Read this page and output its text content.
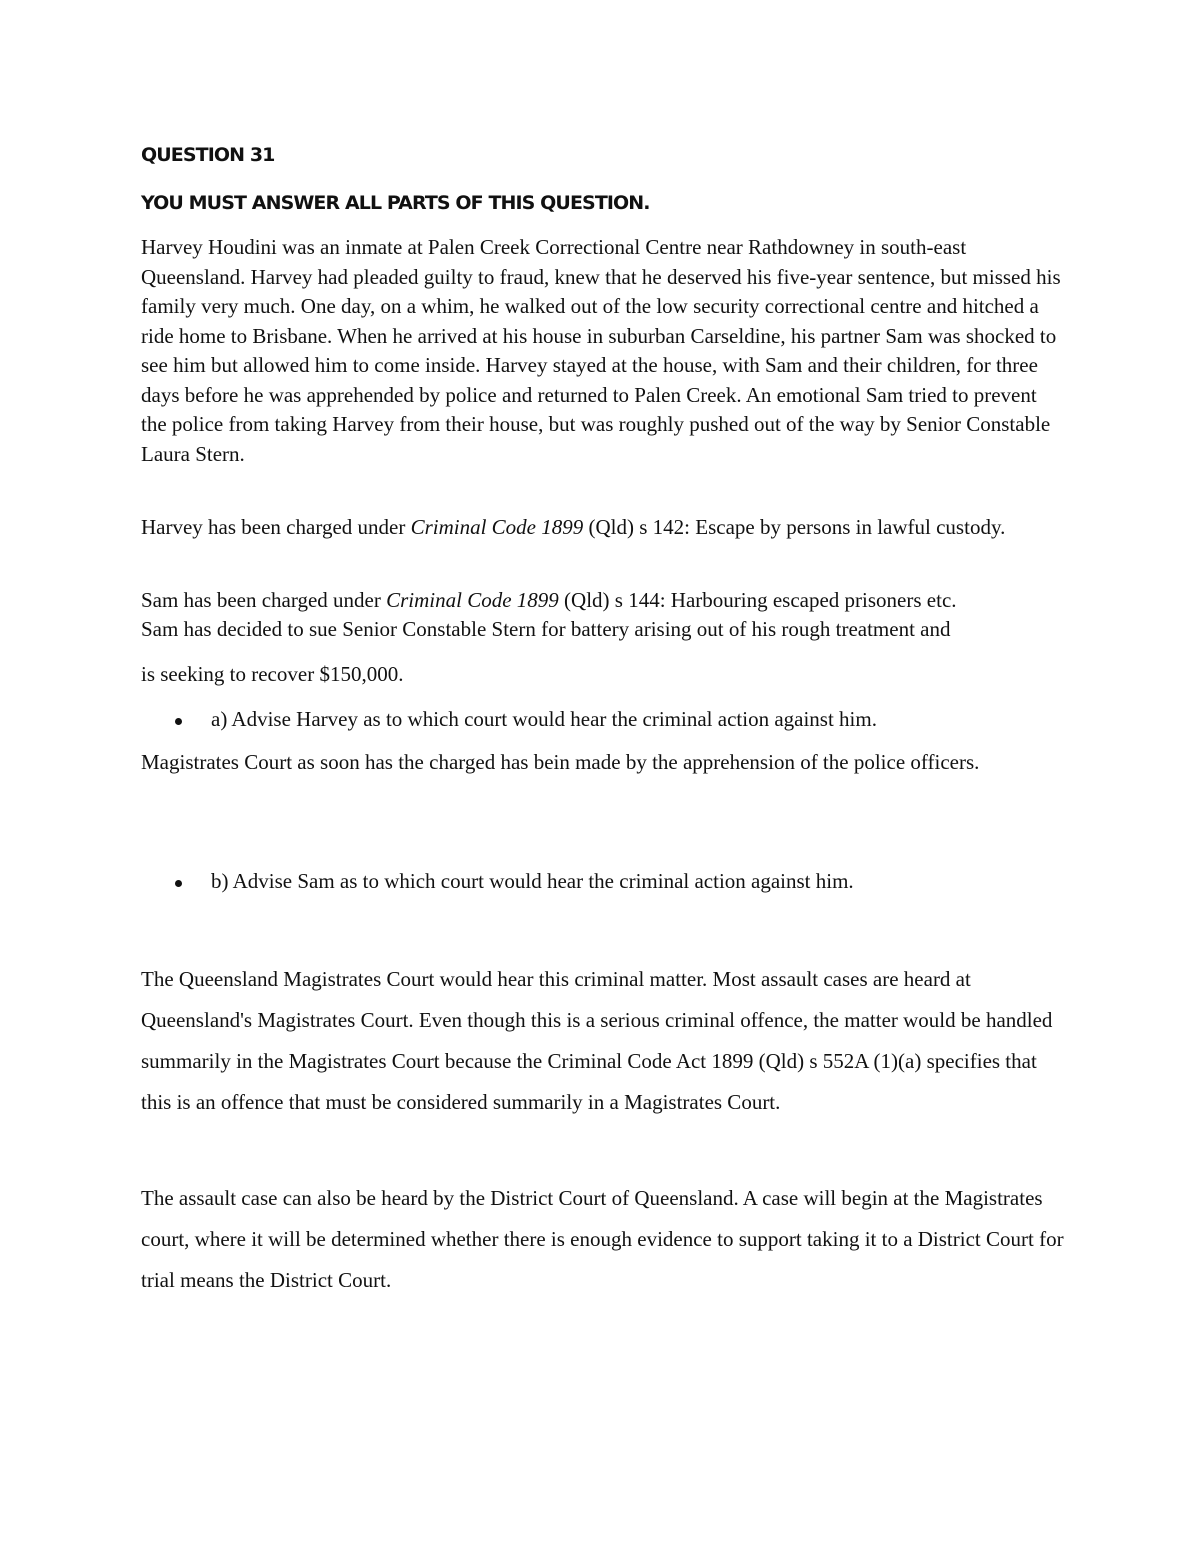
QUESTION 31
YOU MUST ANSWER ALL PARTS OF THIS QUESTION.
Harvey Houdini was an inmate at Palen Creek Correctional Centre near Rathdowney in south-east Queensland. Harvey had pleaded guilty to fraud, knew that he deserved his five-year sentence, but missed his family very much. One day, on a whim, he walked out of the low security correctional centre and hitched a ride home to Brisbane. When he arrived at his house in suburban Carseldine, his partner Sam was shocked to see him but allowed him to come inside. Harvey stayed at the house, with Sam and their children, for three days before he was apprehended by police and returned to Palen Creek. An emotional Sam tried to prevent the police from taking Harvey from their house, but was roughly pushed out of the way by Senior Constable Laura Stern.
Harvey has been charged under Criminal Code 1899 (Qld) s 142: Escape by persons in lawful custody.
Sam has been charged under Criminal Code 1899 (Qld) s 144: Harbouring escaped prisoners etc.
Sam has decided to sue Senior Constable Stern for battery arising out of his rough treatment and
is seeking to recover $150,000.
a) Advise Harvey as to which court would hear the criminal action against him.
Magistrates Court as soon has the charged has bein made by the apprehension of the police officers.
b) Advise Sam as to which court would hear the criminal action against him.
The Queensland Magistrates Court would hear this criminal matter. Most assault cases are heard at Queensland's Magistrates Court. Even though this is a serious criminal offence, the matter would be handled summarily in the Magistrates Court because the Criminal Code Act 1899 (Qld) s 552A (1)(a) specifies that this is an offence that must be considered summarily in a Magistrates Court.
The assault case can also be heard by the District Court of Queensland. A case will begin at the Magistrates court, where it will be determined whether there is enough evidence to support taking it to a District Court for trial means the District Court.
